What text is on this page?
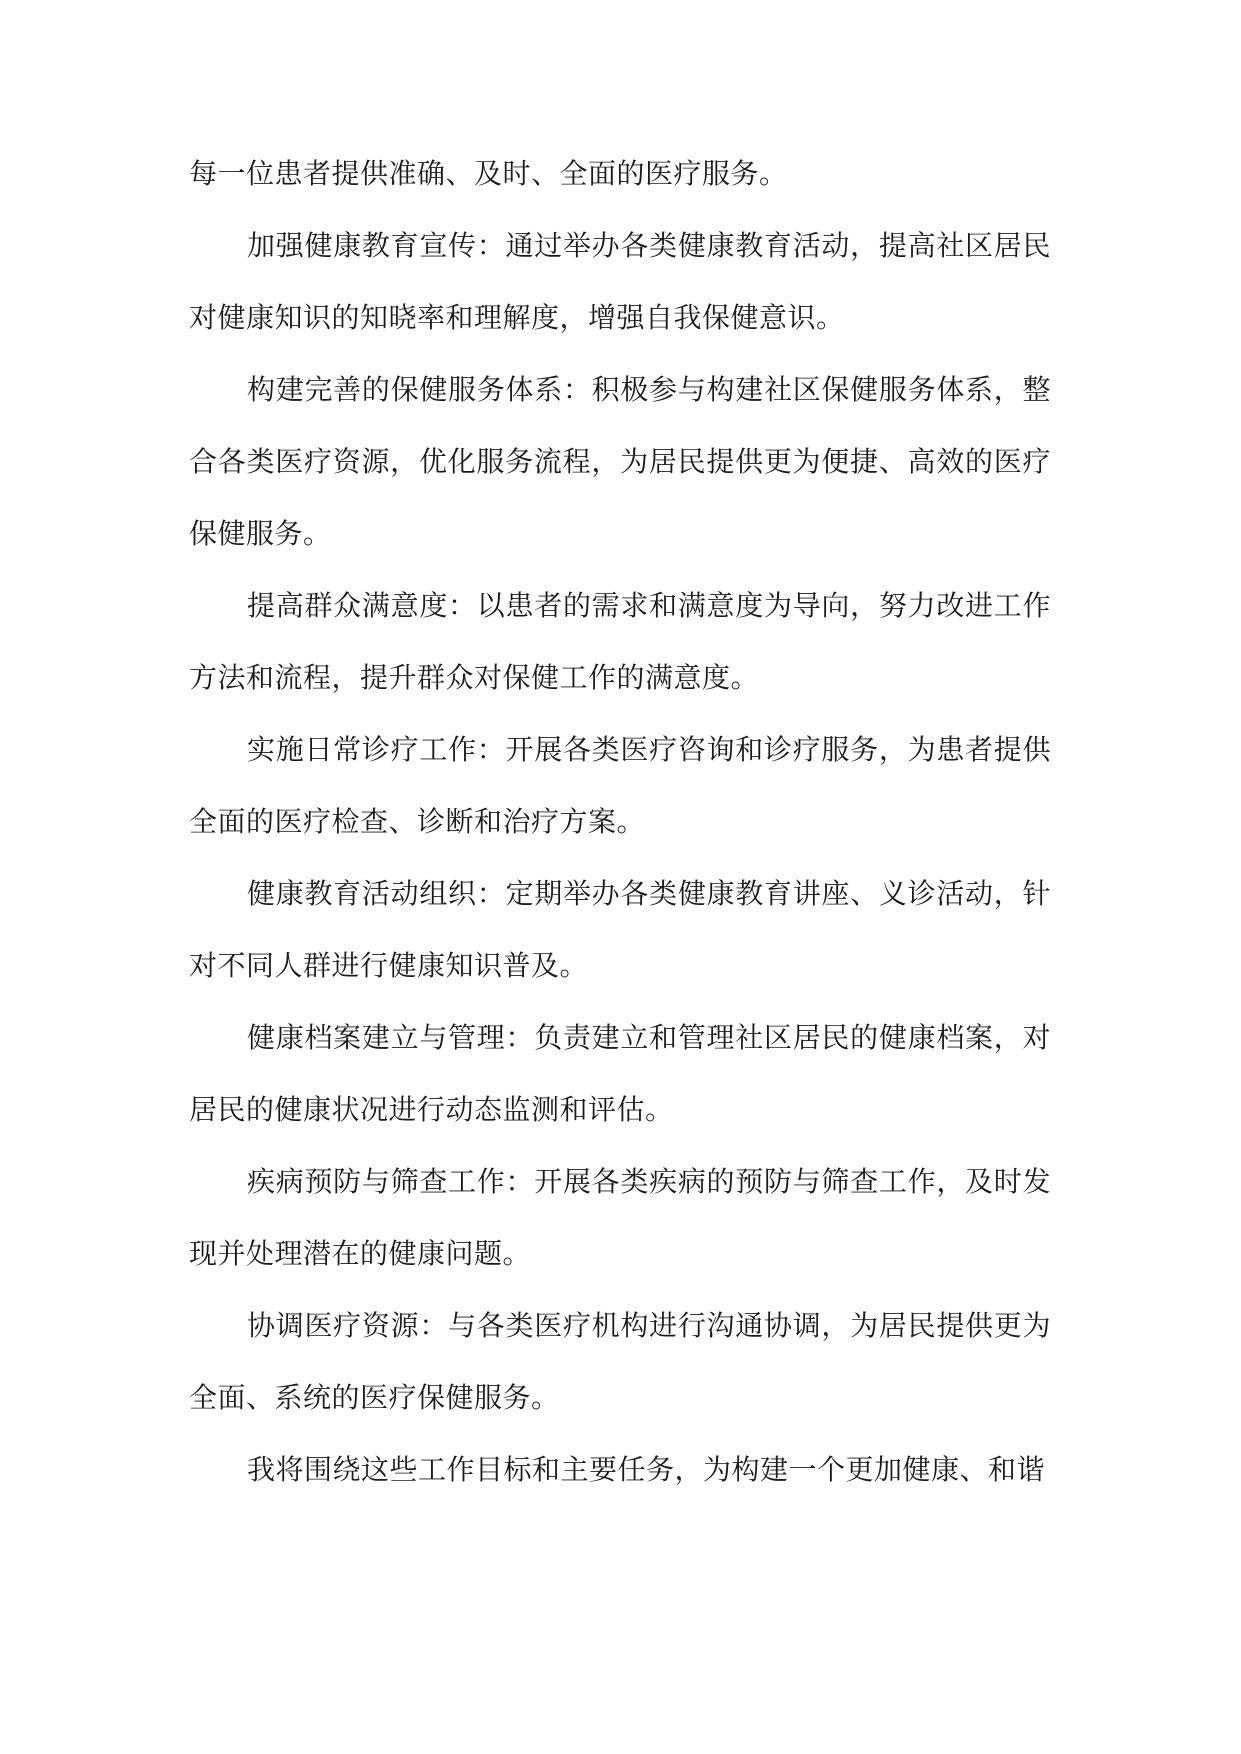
每一位患者提供准确、及时、全面的医疗服务。

加强健康教育宣传：通过举办各类健康教育活动，提高社区居民对健康知识的知晓率和理解度，增强自我保健意识。

构建完善的保健服务体系：积极参与构建社区保健服务体系，整合各类医疗资源，优化服务流程，为居民提供更为便捷、高效的医疗保健服务。

提高群众满意度：以患者的需求和满意度为导向，努力改进工作方法和流程，提升群众对保健工作的满意度。

实施日常诊疗工作：开展各类医疗咨询和诊疗服务，为患者提供全面的医疗检查、诊断和治疗方案。

健康教育活动组织：定期举办各类健康教育讲座、义诊活动，针对不同人群进行健康知识普及。

健康档案建立与管理：负责建立和管理社区居民的健康档案，对居民的健康状况进行动态监测和评估。

疾病预防与筛查工作：开展各类疾病的预防与筛查工作，及时发现并处理潜在的健康问题。

协调医疗资源：与各类医疗机构进行沟通协调，为居民提供更为全面、系统的医疗保健服务。

我将围绕这些工作目标和主要任务，为构建一个更加健康、和谐
